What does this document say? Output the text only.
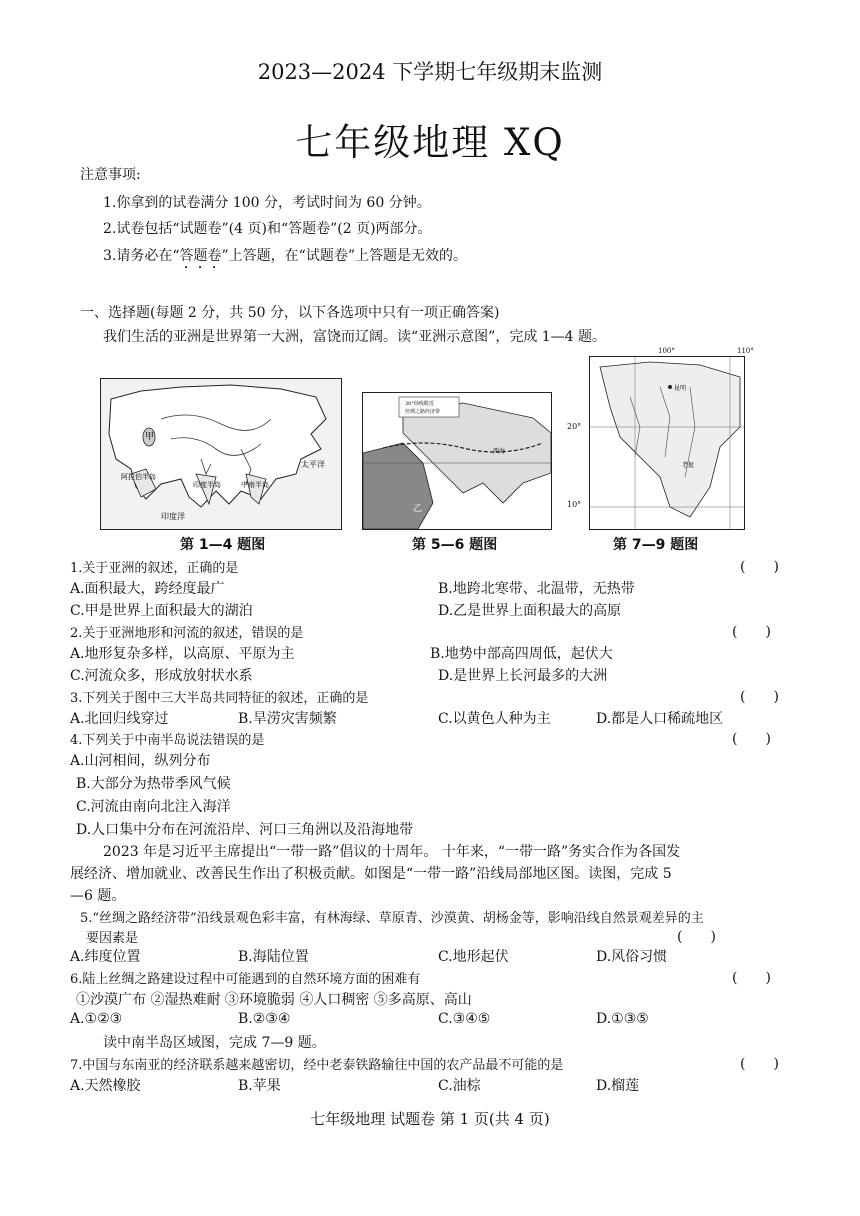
2023—2024 下学期七年级期末监测
七年级地理 XQ
注意事项:
1.你拿到的试卷满分 100 分，考试时间为 60 分钟。
2.试卷包括“试题卷”(4 页)和“答题卷”(2 页)两部分。
3.请务必在“答题卷”上答题，在“试题卷”上答题是无效的。
一、选择题(每题 2 分，共 50 分，以下各选项中只有一项正确答案)
我们生活的亚洲是世界第一大洲，富饶而辽阔。读“亚洲示意图”，完成 1—4 题。
甲
太平洋
印度洋
印度半岛	中南半岛
阿拉伯半岛
第 1—4 题图
30°纬线附近
丝绸之路经济带
乙
西海
第 5—6 题图
昆明
老挝
100°	110°
20°
10°
第 7—9 题图
1.关于亚洲的叙述，正确的是	(　　)
A.面积最大，跨经度最广	B.地跨北寒带、北温带，无热带
C.甲是世界上面积最大的湖泊	D.乙是世界上面积最大的高原
2.关于亚洲地形和河流的叙述，错误的是	(　　)
A.地形复杂多样，以高原、平原为主	B.地势中部高四周低，起伏大
C.河流众多，形成放射状水系	D.是世界上长河最多的大洲
3.下列关于图中三大半岛共同特征的叙述，正确的是	(　　)
A.北回归线穿过	B.旱涝灾害频繁	C.以黄色人种为主	D.都是人口稀疏地区
4.下列关于中南半岛说法错误的是	(　　)
A.山河相间，纵列分布
B.大部分为热带季风气候
C.河流由南向北注入海洋
D.人口集中分布在河流沿岸、河口三角洲以及沿海地带
2023 年是习近平主席提出“一带一路”倡议的十周年。 十年来，“一带一路”务实合作为各国发
展经济、增加就业、改善民生作出了积极贡献。如图是“一带一路”沿线局部地区图。读图，完成 5
—6 题。
5.“丝绸之路经济带”沿线景观色彩丰富，有林海绿、草原青、沙漠黄、胡杨金等，影响沿线自然景观差异的主
要因素是	(　　)
A.纬度位置	B.海陆位置	C.地形起伏	D.风俗习惯
6.陆上丝绸之路建设过程中可能遇到的自然环境方面的困难有	(　　)
①沙漠广布 ②湿热难耐 ③环境脆弱 ④人口稠密 ⑤多高原、高山
A.①②③	B.②③④	C.③④⑤	D.①③⑤
读中南半岛区域图，完成 7—9 题。
7.中国与东南亚的经济联系越来越密切，经中老泰铁路输往中国的农产品最不可能的是	(　　)
A.天然橡胶	B.苹果	C.油棕	D.榴莲
七年级地理 试题卷 第 1 页(共 4 页)
